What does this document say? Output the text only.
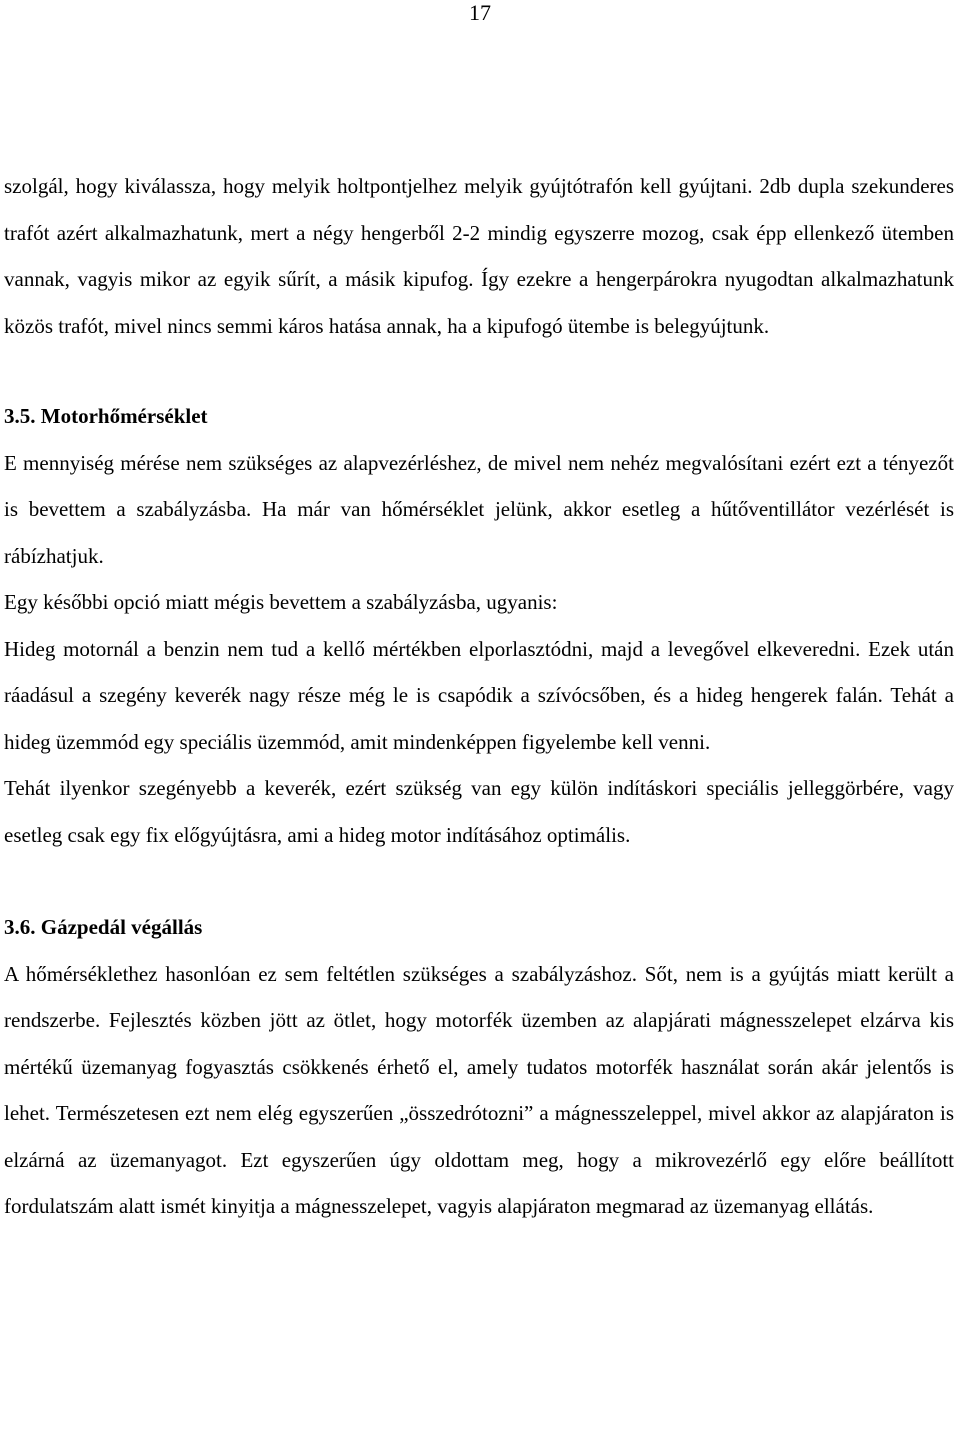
17

szolgál, hogy kiválassza, hogy melyik holtpontjelhez melyik gyújtótrafón kell gyújtani. 2db dupla szekunderes trafót azért alkalmazhatunk, mert a négy hengerből 2-2 mindig egyszerre mozog, csak épp ellenkező ütemben vannak, vagyis mikor az egyik sűrít, a másik kipufog. Így ezekre a hengerpárokra nyugodtan alkalmazhatunk közös trafót, mivel nincs semmi káros hatása annak, ha a kipufogó ütembe is belegyújtunk.

3.5. Motorhőmérséklet

E mennyiség mérése nem szükséges az alapvezérléshez, de mivel nem nehéz megvalósítani ezért ezt a tényezőt is bevettem a szabályzásba. Ha már van hőmérséklet jelünk, akkor esetleg a hűtőventillátor vezérlését is rábízhatjuk.

Egy későbbi opció miatt mégis bevettem a szabályzásba, ugyanis:

Hideg motornál a benzin nem tud a kellő mértékben elporlasztódni, majd a levegővel elkeveredni. Ezek után ráadásul a szegény keverék nagy része még le is csapódik a szívócsőben, és a hideg hengerek falán. Tehát a hideg üzemmód egy speciális üzemmód, amit mindenképpen figyelembe kell venni.

Tehát ilyenkor szegényebb a keverék, ezért szükség van egy külön indításkori speciális jelleggörbére, vagy esetleg csak egy fix előgyújtásra, ami a hideg motor indításához optimális.

3.6. Gázpedál végállás

A hőmérséklethez hasonlóan ez sem feltétlen szükséges a szabályzáshoz. Sőt, nem is a gyújtás miatt került a rendszerbe. Fejlesztés közben jött az ötlet, hogy motorfék üzemben az alapjárati mágnesszelepet elzárva kis mértékű üzemanyag fogyasztás csökkenés érhető el, amely tudatos motorfék használat során akár jelentős is lehet. Természetesen ezt nem elég egyszerűen „összedrótozni” a mágnesszeleppel, mivel akkor az alapjáraton is elzárná az üzemanyagot. Ezt egyszerűen úgy oldottam meg, hogy a mikrovezérlő egy előre beállított fordulatszám alatt ismét kinyitja a mágnesszelepet, vagyis alapjáraton megmarad az üzemanyag ellátás.
